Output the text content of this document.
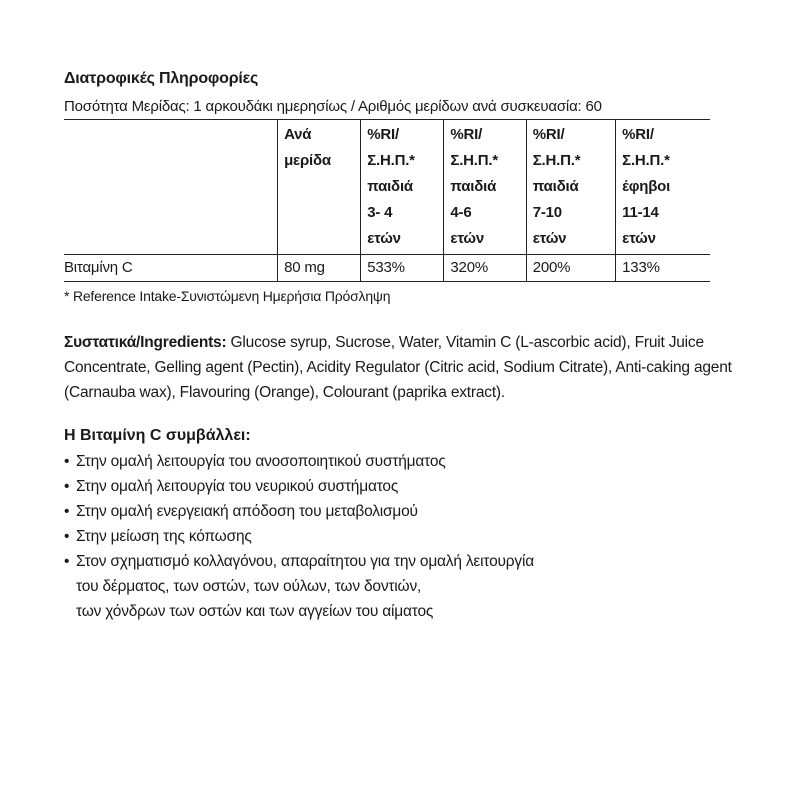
Διατροφικές Πληροφορίες

Ποσότητα Μερίδας: 1 αρκουδάκι ημερησίως / Αριθμός μερίδων ανά συσκευασία: 60

	Ανά
μερίδα	%RI/
Σ.Η.Π.*
παιδιά
3- 4
ετών	%RI/
Σ.Η.Π.*
παιδιά
4-6
ετών	%RI/
Σ.Η.Π.*
παιδιά
7-10
ετών	%RI/
Σ.Η.Π.*
έφηβοι
11-14
ετών

Βιταμίνη C	80 mg	533%	320%	200%	133%

* Reference Intake-Συνιστώμενη Ημερήσια Πρόσληψη

Συστατικά/Ingredients: Glucose syrup, Sucrose, Water, Vitamin C (L-ascorbic acid), Fruit Juice Concentrate, Gelling agent (Pectin), Acidity Regulator (Citric acid, Sodium Citrate), Anti-caking agent (Carnauba wax), Flavouring (Orange), Colourant (paprika extract).

Η Βιταμίνη C συμβάλλει:

• Στην ομαλή λειτουργία του ανοσοποιητικού συστήματος
• Στην ομαλή λειτουργία του νευρικού συστήματος
• Στην ομαλή ενεργειακή απόδοση του μεταβολισμού
• Στην μείωση της κόπωσης
• Στον σχηματισμό κολλαγόνου, απαραίτητου για την ομαλή λειτουργία
του δέρματος, των οστών, των ούλων, των δοντιών,
των χόνδρων των οστών και των αγγείων του αίματος
